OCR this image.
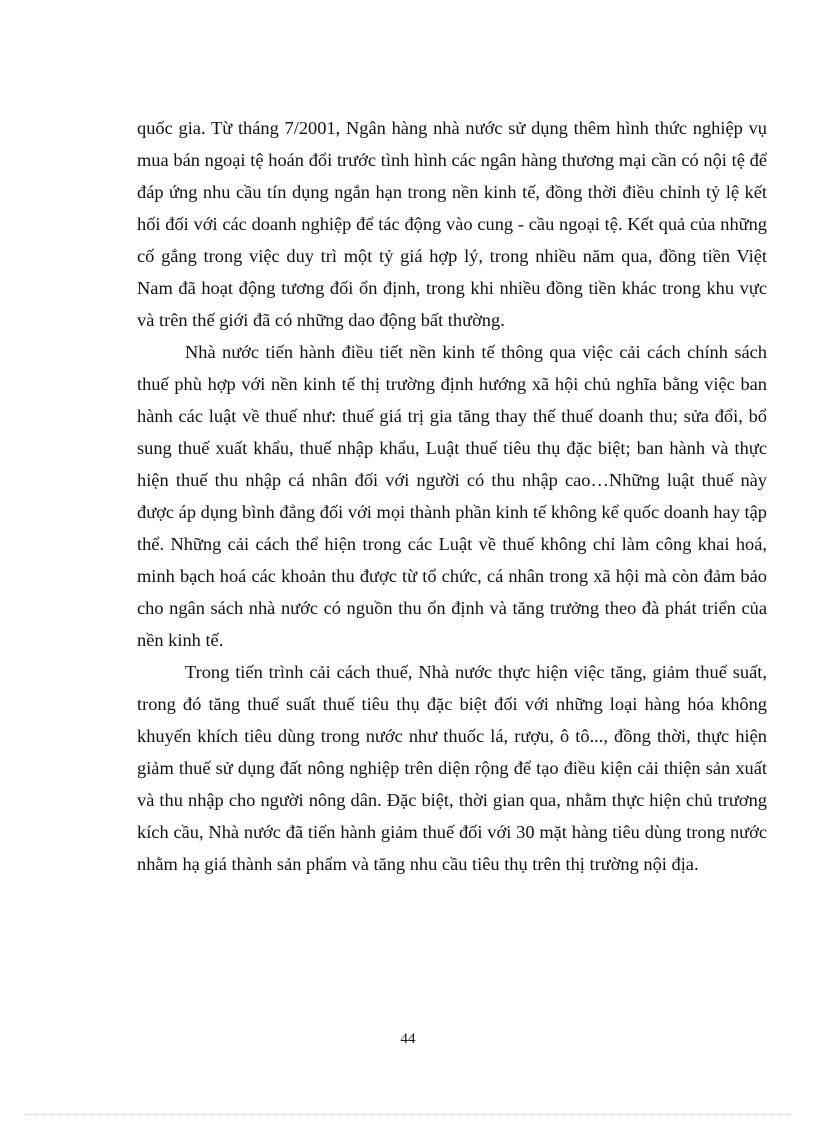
quốc gia. Từ tháng 7/2001, Ngân hàng nhà nước sử dụng thêm hình thức nghiệp vụ mua bán ngoại tệ hoán đổi trước tình hình các ngân hàng thương mại cần có nội tệ để đáp ứng nhu cầu tín dụng ngắn hạn trong nền kinh tế, đồng thời điều chỉnh tỷ lệ kết hối đối với các doanh nghiệp để tác động vào cung - cầu ngoại tệ. Kết quả của những cố gắng trong việc duy trì một tỷ giá hợp lý, trong nhiều năm qua, đồng tiền Việt Nam đã hoạt động tương đối ổn định, trong khi nhiều đồng tiền khác trong khu vực và trên thế giới đã có những dao động bất thường.

Nhà nước tiến hành điều tiết nền kinh tế thông qua việc cải cách chính sách thuế phù hợp với nền kinh tế thị trường định hướng xã hội chủ nghĩa bằng việc ban hành các luật về thuế như: thuế giá trị gia tăng thay thế thuế doanh thu; sửa đổi, bổ sung thuế xuất khẩu, thuế nhập khẩu, Luật thuế tiêu thụ đặc biệt; ban hành và thực hiện thuế thu nhập cá nhân đối với người có thu nhập cao…Những luật thuế này được áp dụng bình đẳng đối với mọi thành phần kinh tế không kể quốc doanh hay tập thể. Những cải cách thể hiện trong các Luật về thuế không chỉ làm công khai hoá, minh bạch hoá các khoản thu được từ tổ chức, cá nhân trong xã hội mà còn đảm bảo cho ngân sách nhà nước có nguồn thu ổn định và tăng trưởng theo đà phát triển của nền kinh tế.

Trong tiến trình cải cách thuế, Nhà nước thực hiện việc tăng, giảm thuế suất, trong đó tăng thuế suất thuế tiêu thụ đặc biệt đối với những loại hàng hóa không khuyến khích tiêu dùng trong nước như thuốc lá, rượu, ô tô..., đồng thời, thực hiện giảm thuế sử dụng đất nông nghiệp trên diện rộng để tạo điều kiện cải thiện sản xuất và thu nhập cho người nông dân. Đặc biệt, thời gian qua, nhằm thực hiện chủ trương kích cầu, Nhà nước đã tiến hành giảm thuế đối với 30 mặt hàng tiêu dùng trong nước nhằm hạ giá thành sản phẩm và tăng nhu cầu tiêu thụ trên thị trường nội địa.

44
